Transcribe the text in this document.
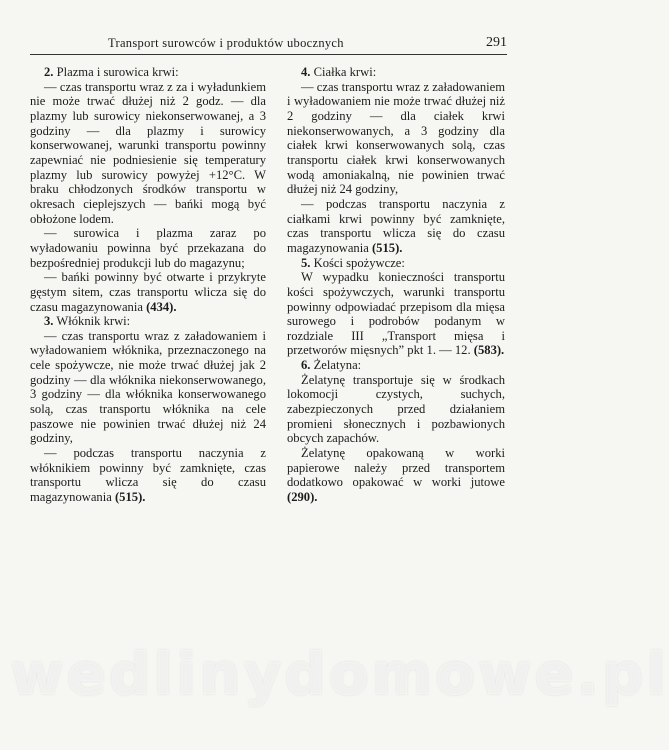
Transport surowców i produktów ubocznych	291

2. Plazma i surowica krwi:

— czas transportu wraz z za i wyładunkiem nie może trwać dłużej niż 2 godz. — dla plazmy lub surowicy niekonserwowanej, a 3 godziny — dla plazmy i surowicy konserwowanej, warunki transportu powinny zapewniać nie podniesienie się temperatury plazmy lub surowicy powyżej +12°C. W braku chłodzonych środków transportu w okresach cieplejszych — bańki mogą być obłożone lodem.

— surowica i plazma zaraz po wyładowaniu powinna być przekazana do bezpośredniej produkcji lub do magazynu;

— bańki powinny być otwarte i przykryte gęstym sitem, czas transportu wlicza się do czasu magazynowania (434).

3. Włóknik krwi:

— czas transportu wraz z załadowaniem i wyładowaniem włóknika, przeznaczonego na cele spożywcze, nie może trwać dłużej jak 2 godziny — dla włóknika niekonserwowanego, 3 godziny — dla włóknika konserwowanego solą, czas transportu włóknika na cele paszowe nie powinien trwać dłużej niż 24 godziny,

— podczas transportu naczynia z włóknikiem powinny być zamknięte, czas transportu wlicza się do czasu magazynowania (515).

4. Ciałka krwi:

— czas transportu wraz z załadowaniem i wyładowaniem nie może trwać dłużej niż 2 godziny — dla ciałek krwi niekonserwowanych, a 3 godziny dla ciałek krwi konserwowanych solą, czas transportu ciałek krwi konserwowanych wodą amoniakalną, nie powinien trwać dłużej niż 24 godziny,

— podczas transportu naczynia z ciałkami krwi powinny być zamknięte, czas transportu wlicza się do czasu magazynowania (515).

5. Kości spożywcze:

W wypadku konieczności transportu kości spożywczych, warunki transportu powinny odpowiadać przepisom dla mięsa surowego i podrobów podanym w rozdziale III „Transport mięsa i przetworów mięsnych” pkt 1. — 12. (583).

6. Żelatyna:

Żelatynę transportuje się w środkach lokomocji czystych, suchych, zabezpieczonych przed działaniem promieni słonecznych i pozbawionych obcych zapachów.

Żelatynę opakowaną w worki papierowe należy przed transportem dodatkowo opakować w worki jutowe (290).

wedlinydomowe.pl
